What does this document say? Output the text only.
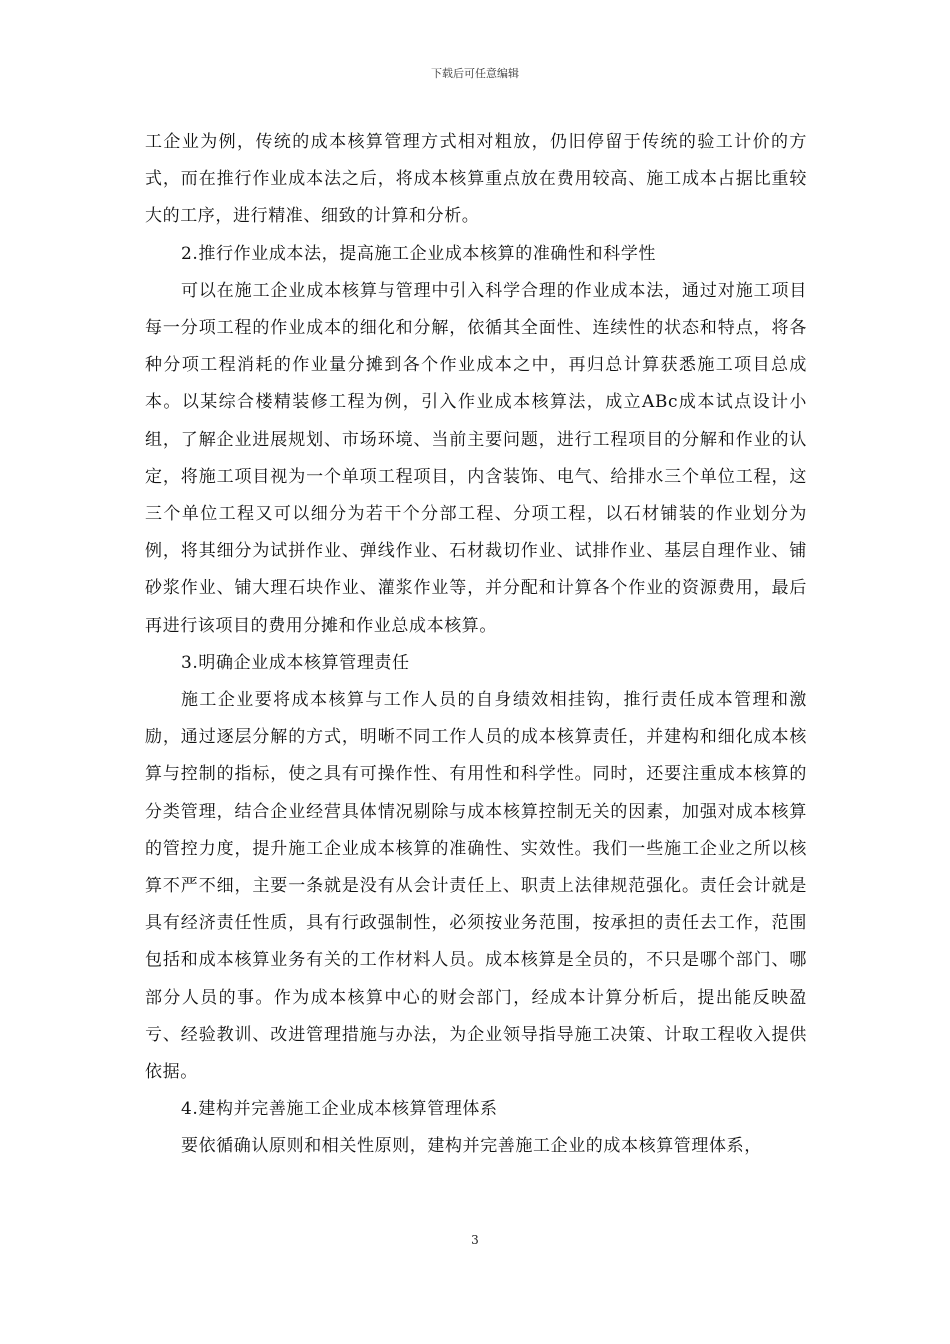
下载后可任意编辑

工企业为例，传统的成本核算管理方式相对粗放，仍旧停留于传统的验工计价的方式，而在推行作业成本法之后，将成本核算重点放在费用较高、施工成本占据比重较大的工序，进行精准、细致的计算和分析。

2.推行作业成本法，提高施工企业成本核算的准确性和科学性

可以在施工企业成本核算与管理中引入科学合理的作业成本法，通过对施工项目每一分项工程的作业成本的细化和分解，依循其全面性、连续性的状态和特点，将各种分项工程消耗的作业量分摊到各个作业成本之中，再归总计算获悉施工项目总成本。以某综合楼精装修工程为例，引入作业成本核算法，成立ABc成本试点设计小组，了解企业进展规划、市场环境、当前主要问题，进行工程项目的分解和作业的认定，将施工项目视为一个单项工程项目，内含装饰、电气、给排水三个单位工程，这三个单位工程又可以细分为若干个分部工程、分项工程，以石材铺装的作业划分为例，将其细分为试拼作业、弹线作业、石材裁切作业、试排作业、基层自理作业、铺砂浆作业、铺大理石块作业、灌浆作业等，并分配和计算各个作业的资源费用，最后再进行该项目的费用分摊和作业总成本核算。

3.明确企业成本核算管理责任

施工企业要将成本核算与工作人员的自身绩效相挂钩，推行责任成本管理和激励，通过逐层分解的方式，明晰不同工作人员的成本核算责任，并建构和细化成本核算与控制的指标，使之具有可操作性、有用性和科学性。同时，还要注重成本核算的分类管理，结合企业经营具体情况剔除与成本核算控制无关的因素，加强对成本核算的管控力度，提升施工企业成本核算的准确性、实效性。我们一些施工企业之所以核算不严不细，主要一条就是没有从会计责任上、职责上法律规范强化。责任会计就是具有经济责任性质，具有行政强制性，必须按业务范围，按承担的责任去工作，范围包括和成本核算业务有关的工作材料人员。成本核算是全员的，不只是哪个部门、哪部分人员的事。作为成本核算中心的财会部门，经成本计算分析后，提出能反映盈亏、经验教训、改进管理措施与办法，为企业领导指导施工决策、计取工程收入提供依据。

4.建构并完善施工企业成本核算管理体系

要依循确认原则和相关性原则，建构并完善施工企业的成本核算管理体系，

3
